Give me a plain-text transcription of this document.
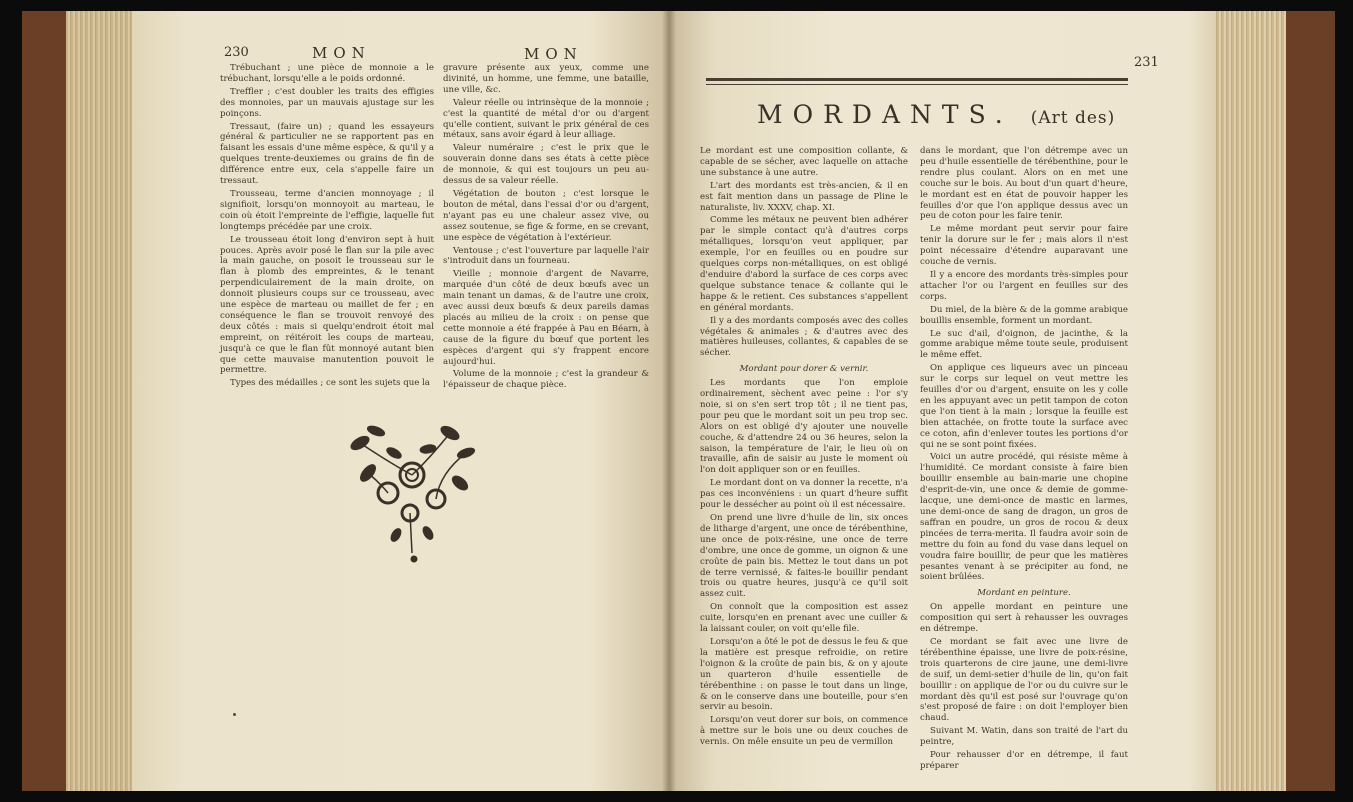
230	MON	MON

Trébuchant ; une pièce de monnoie a le trébuchant, lorsqu'elle a le poids ordonné.

Treffler ; c'est doubler les traits des effigies des monnoies, par un mauvais ajustage sur les poinçons.

Tressaut, (faire un) ; quand les essayeurs général & particulier ne se rapportent pas en faisant les essais d'une même espèce, & qu'il y a quelques trente-deuxiemes ou grains de fin de différence entre eux, cela s'appelle faire un tressaut.

Trousseau, terme d'ancien monnoyage ; il signifioit, lorsqu'on monnoyoit au marteau, le coin où étoit l'empreinte de l'effigie, laquelle fut longtemps précédée par une croix.

Le trousseau étoit long d'environ sept à huit pouces. Après avoir posé le flan sur la pile avec la main gauche, on posoit le trousseau sur le flan à plomb des empreintes, & le tenant perpendiculairement de la main droite, on donnoit plusieurs coups sur ce trousseau, avec une espèce de marteau ou maillet de fer ; en conséquence le flan se trouvoit renvoyé des deux côtés : mais si quelqu'endroit étoit mal empreint, on réitéroit les coups de marteau, jusqu'à ce que le flan fût monnoyé autant bien que cette mauvaise manutention pouvoit le permettre.

Types des médailles ; ce sont les sujets que la

gravure présente aux yeux, comme une divinité, un homme, une femme, une bataille, une ville, &c.

Valeur réelle ou intrinsèque de la monnoie ; c'est la quantité de métal d'or ou d'argent qu'elle contient, suivant le prix général de ces métaux, sans avoir égard à leur alliage.

Valeur numéraire ; c'est le prix que le souverain donne dans ses états à cette pièce de monnoie, & qui est toujours un peu au-dessus de sa valeur réelle.

Végétation de bouton ; c'est lorsque le bouton de métal, dans l'essai d'or ou d'argent, n'ayant pas eu une chaleur assez vive, ou assez soutenue, se fige & forme, en se crevant, une espèce de végétation à l'extérieur.

Ventouse ; c'est l'ouverture par laquelle l'air s'introduit dans un fourneau.

Vieille ; monnoie d'argent de Navarre, marquée d'un côté de deux bœufs avec un main tenant un damas, & de l'autre une croix, avec aussi deux bœufs & deux pareils damas placés au milieu de la croix : on pense que cette monnoie a été frappée à Pau en Béarn, à cause de la figure du bœuf que portent les espèces d'argent qui s'y frappent encore aujourd'hui.

Volume de la monnoie ; c'est la grandeur & l'épaisseur de chaque pièce.

231
MORDANTS. (Art des)

Le mordant est une composition collante, & capable de se sécher, avec laquelle on attache une substance à une autre.

L'art des mordants est très-ancien, & il en est fait mention dans un passage de Pline le naturaliste, liv. XXXV, chap. XI.

Comme les métaux ne peuvent bien adhérer par le simple contact qu'à d'autres corps métalliques, lorsqu'on veut appliquer, par exemple, l'or en feuilles ou en poudre sur quelques corps non-métalliques, on est obligé d'enduire d'abord la surface de ces corps avec quelque substance tenace & collante qui le happe & le retient. Ces substances s'appellent en général mordants.

Il y a des mordants composés avec des colles végétales & animales ; & d'autres avec des matières huileuses, collantes, & capables de se sécher.

Mordant pour dorer & vernir.

Les mordants que l'on emploie ordinairement, sèchent avec peine : l'or s'y noie, si on s'en sert trop tôt ; il ne tient pas, pour peu que le mordant soit un peu trop sec. Alors on est obligé d'y ajouter une nouvelle couche, & d'attendre 24 ou 36 heures, selon la saison, la température de l'air, le lieu où on travaille, afin de saisir au juste le moment où l'on doit appliquer son or en feuilles.

Le mordant dont on va donner la recette, n'a pas ces inconvéniens : un quart d'heure suffit pour le dessécher au point où il est nécessaire.

On prend une livre d'huile de lin, six onces de litharge d'argent, une once de térébenthine, une once de poix-résine, une once de terre d'ombre, une once de gomme, un oignon & une croûte de pain bis. Mettez le tout dans un pot de terre vernissé, & faites-le bouillir pendant trois ou quatre heures, jusqu'à ce qu'il soit assez cuit.

On connoît que la composition est assez cuite, lorsqu'en en prenant avec une cuiller & la laissant couler, on voit qu'elle file.

Lorsqu'on a ôté le pot de dessus le feu & que la matière est presque refroidie, on retire l'oignon & la croûte de pain bis, & on y ajoute un quarteron d'huile essentielle de térébenthine : on passe le tout dans un linge, & on le conserve dans une bouteille, pour s'en servir au besoin.

Lorsqu'on veut dorer sur bois, on commence à mettre sur le bois une ou deux couches de vernis. On mêle ensuite un peu de vermillon

dans le mordant, que l'on détrempe avec un peu d'huile essentielle de térébenthine, pour le rendre plus coulant. Alors on en met une couche sur le bois. Au bout d'un quart d'heure, le mordant est en état de pouvoir happer les feuilles d'or que l'on applique dessus avec un peu de coton pour les faire tenir.

Le même mordant peut servir pour faire tenir la dorure sur le fer ; mais alors il n'est point nécessaire d'étendre auparavant une couche de vernis.

Il y a encore des mordants très-simples pour attacher l'or ou l'argent en feuilles sur des corps.

Du miel, de la bière & de la gomme arabique bouillis ensemble, forment un mordant.

Le suc d'ail, d'oignon, de jacinthe, & la gomme arabique même toute seule, produisent le même effet.

On applique ces liqueurs avec un pinceau sur le corps sur lequel on veut mettre les feuilles d'or ou d'argent, ensuite on les y colle en les appuyant avec un petit tampon de coton que l'on tient à la main ; lorsque la feuille est bien attachée, on frotte toute la surface avec ce coton, afin d'enlever toutes les portions d'or qui ne se sont point fixées.

Voici un autre procédé, qui résiste même à l'humidité. Ce mordant consiste à faire bien bouillir ensemble au bain-marie une chopine d'esprit-de-vin, une once & demie de gomme-lacque, une demi-once de mastic en larmes, une demi-once de sang de dragon, un gros de saffran en poudre, un gros de rocou & deux pincées de terra-merita. Il faudra avoir soin de mettre du foin au fond du vase dans lequel on voudra faire bouillir, de peur que les matières pesantes venant à se précipiter au fond, ne soient brûlées.

Mordant en peinture.

On appelle mordant en peinture une composition qui sert à rehausser les ouvrages en détrempe.

Ce mordant se fait avec une livre de térébenthine épaisse, une livre de poix-résine, trois quarterons de cire jaune, une demi-livre de suif, un demi-setier d'huile de lin, qu'on fait bouillir : on applique de l'or ou du cuivre sur le mordant dès qu'il est posé sur l'ouvrage qu'on s'est proposé de faire : on doit l'employer bien chaud.

Suivant M. Watin, dans son traité de l'art du peintre,

Pour rehausser d'or en détrempe, il faut préparer
